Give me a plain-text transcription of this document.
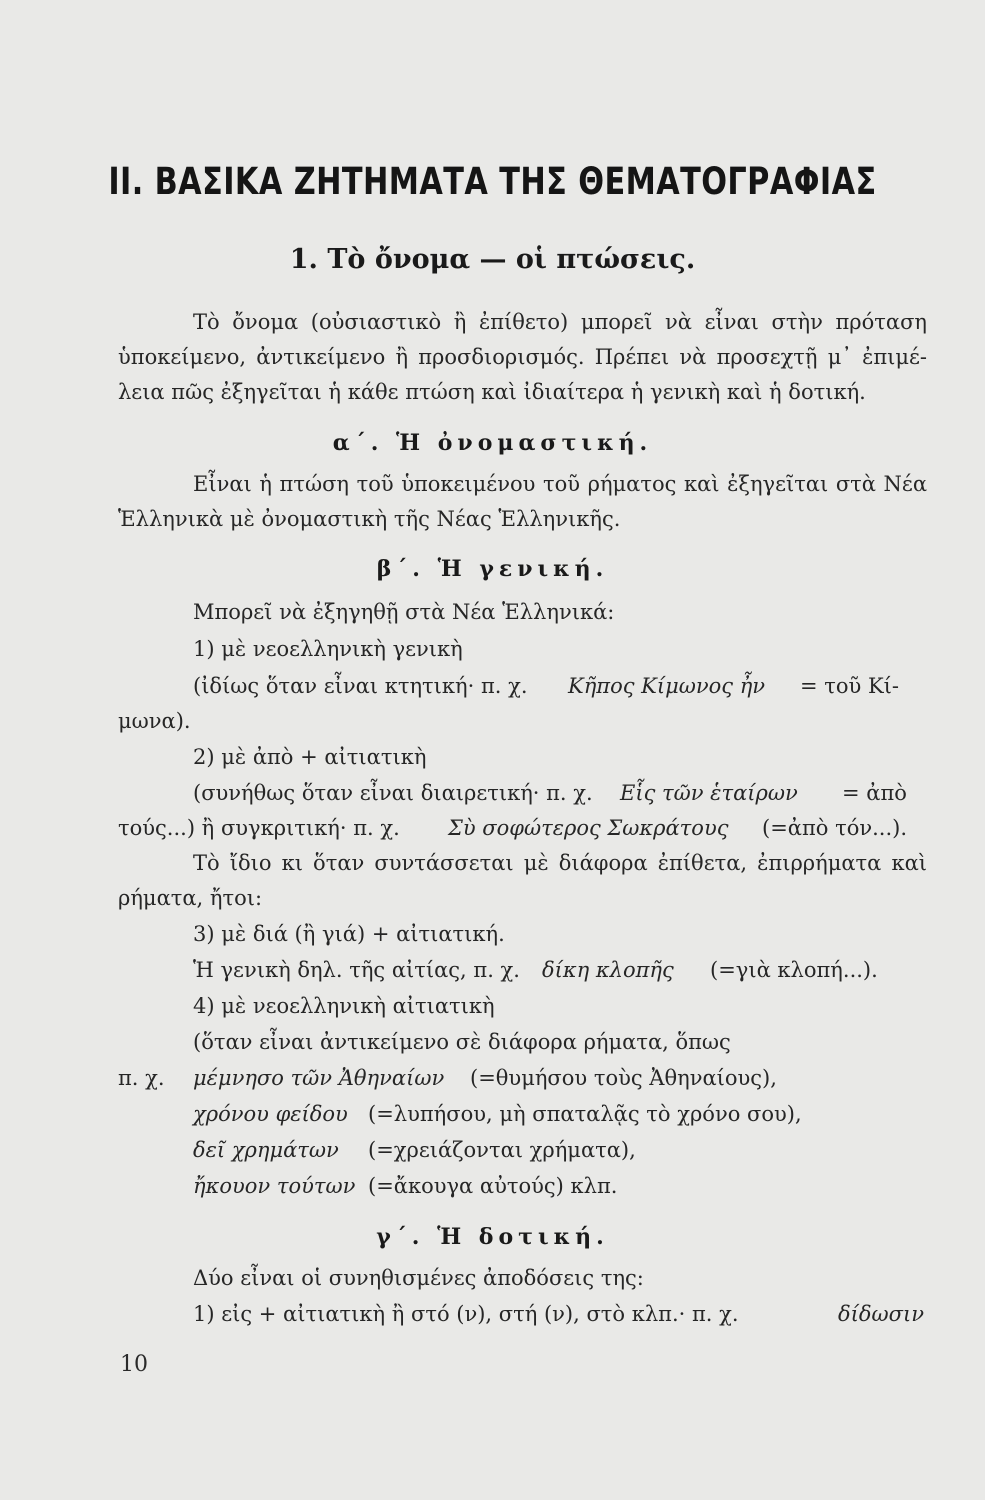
II. ΒΑΣΙΚΑ ΖΗΤΗΜΑΤΑ ΤΗΣ ΘΕΜΑΤΟΓΡΑΦΙΑΣ
1. Τὸ ὄνομα — οἱ πτώσεις.
Τὸ ὄνομα (οὐσιαστικὸ ἢ ἐπίθετο) μπορεῖ νὰ εἶναι στὴν πρόταση
ὑποκείμενο, ἀντικείμενο ἢ προσδιορισμός. Πρέπει νὰ προσεχτῇ μ᾽ ἐπιμέ-
λεια πῶς ἐξηγεῖται ἡ κάθε πτώση καὶ ἰδιαίτερα ἡ γενικὴ καὶ ἡ δοτική.
α΄. Ἡ ὀνομαστική.
Εἶναι ἡ πτώση τοῦ ὑποκειμένου τοῦ ρήματος καὶ ἐξηγεῖται στὰ Νέα
Ἑλληνικὰ μὲ ὀνομαστικὴ τῆς Νέας Ἑλληνικῆς.
β΄. Ἡ γενική.
Μπορεῖ νὰ ἐξηγηθῇ στὰ Νέα Ἑλληνικά:
1) μὲ νεοελληνικὴ γενικὴ
(ἰδίως ὅταν εἶναι κτητική· π. χ. Κῆπος Κίμωνος ἦν = τοῦ Κί-
μωνα).
2) μὲ ἀπὸ + αἰτιατικὴ
(συνήθως ὅταν εἶναι διαιρετική· π. χ. Εἷς τῶν ἑταίρων = ἀπὸ
τούς...) ἢ συγκριτική· π. χ. Σὺ σοφώτερος Σωκράτους (=ἀπὸ τόν...).
Τὸ ἴδιο κι ὅταν συντάσσεται μὲ διάφορα ἐπίθετα, ἐπιρρήματα καὶ
ρήματα, ἤτοι:
3) μὲ διά (ἢ γιά) + αἰτιατική.
Ἡ γενικὴ δηλ. τῆς αἰτίας, π. χ. δίκη κλοπῆς (=γιὰ κλοπή...).
4) μὲ νεοελληνικὴ αἰτιατικὴ
(ὅταν εἶναι ἀντικείμενο σὲ διάφορα ρήματα, ὅπως
π. χ. μέμνησο τῶν Ἀθηναίων (=θυμήσου τοὺς Ἀθηναίους),
χρόνου φείδου (=λυπήσου, μὴ σπαταλᾷς τὸ χρόνο σου),
δεῖ χρημάτων (=χρειάζονται χρήματα),
ἤκουον τούτων (=ἄκουγα αὐτούς) κλπ.
γ΄. Ἡ δοτική.
Δύο εἶναι οἱ συνηθισμένες ἀποδόσεις της:
1) εἰς + αἰτιατικὴ ἢ στό (ν), στή (ν), στὸ κλπ.· π. χ.	δίδωσιν
10
